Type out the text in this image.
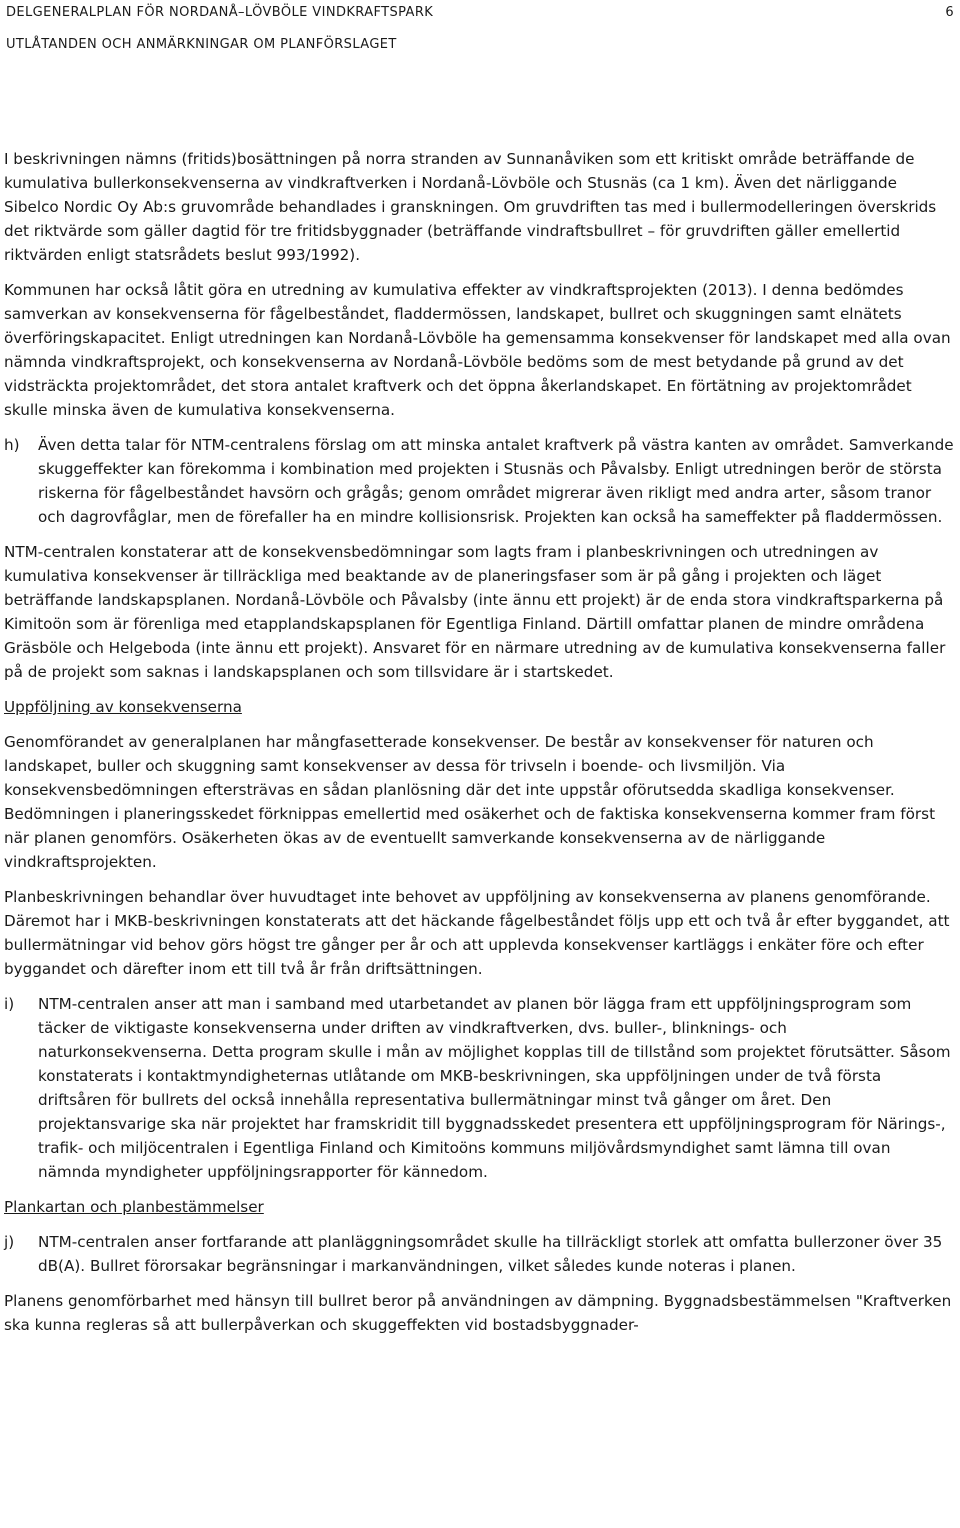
DELGENERALPLAN FÖR NORDANÅ–LÖVBÖLE VINDKRAFTSPARK	6
UTLÅTANDEN OCH ANMÄRKNINGAR OM PLANFÖRSLAGET

I beskrivningen nämns (fritids)bosättningen på norra stranden av Sunnanåviken som ett kritiskt område beträffande de kumulativa bullerkonsekvenserna av vindkraftverken i Nordanå-Lövböle och Stusnäs (ca 1 km). Även det närliggande Sibelco Nordic Oy Ab:s gruvområde behandlades i granskningen. Om gruvdriften tas med i bullermodelleringen överskrids det riktvärde som gäller dagtid för tre fritidsbyggnader (beträffande vindraftsbullret – för gruvdriften gäller emellertid riktvärden enligt statsrådets beslut 993/1992).

Kommunen har också låtit göra en utredning av kumulativa effekter av vindkraftsprojekten (2013). I denna bedömdes samverkan av konsekvenserna för fågelbeståndet, fladdermössen, landskapet, bullret och skuggningen samt elnätets överföringskapacitet. Enligt utredningen kan Nordanå-Lövböle ha gemensamma konsekvenser för landskapet med alla ovan nämnda vindkraftsprojekt, och konsekvenserna av Nordanå-Lövböle bedöms som de mest betydande på grund av det vidsträckta projektområdet, det stora antalet kraftverk och det öppna åkerlandskapet. En förtätning av projektområdet skulle minska även de kumulativa konsekvenserna.

h)	Även detta talar för NTM-centralens förslag om att minska antalet kraftverk på västra kanten av området. Samverkande skuggeffekter kan förekomma i kombination med projekten i Stusnäs och Påvalsby. Enligt utredningen berör de största riskerna för fågelbeståndet havsörn och grågås; genom området migrerar även rikligt med andra arter, såsom tranor och dagrovfåglar, men de förefaller ha en mindre kollisionsrisk. Projekten kan också ha sameffekter på fladdermössen.

NTM-centralen konstaterar att de konsekvensbedömningar som lagts fram i planbeskrivningen och utredningen av kumulativa konsekvenser är tillräckliga med beaktande av de planeringsfaser som är på gång i projekten och läget beträffande landskapsplanen. Nordanå-Lövböle och Påvalsby (inte ännu ett projekt) är de enda stora vindkraftsparkerna på Kimitoön som är förenliga med etapplandskapsplanen för Egentliga Finland. Därtill omfattar planen de mindre områdena Gräsböle och Helgeboda (inte ännu ett projekt). Ansvaret för en närmare utredning av de kumulativa konsekvenserna faller på de projekt som saknas i landskapsplanen och som tillsvidare är i startskedet.

Uppföljning av konsekvenserna

Genomförandet av generalplanen har mångfasetterade konsekvenser. De består av konsekvenser för naturen och landskapet, buller och skuggning samt konsekvenser av dessa för trivseln i boende- och livsmiljön. Via konsekvensbedömningen eftersträvas en sådan planlösning där det inte uppstår oförutsedda skadliga konsekvenser. Bedömningen i planeringsskedet förknippas emellertid med osäkerhet och de faktiska konsekvenserna kommer fram först när planen genomförs. Osäkerheten ökas av de eventuellt samverkande konsekvenserna av de närliggande vindkraftsprojekten.

Planbeskrivningen behandlar över huvudtaget inte behovet av uppföljning av konsekvenserna av planens genomförande. Däremot har i MKB-beskrivningen konstaterats att det häckande fågelbeståndet följs upp ett och två år efter byggandet, att bullermätningar vid behov görs högst tre gånger per år och att upplevda konsekvenser kartläggs i enkäter före och efter byggandet och därefter inom ett till två år från driftsättningen.

i)	NTM-centralen anser att man i samband med utarbetandet av planen bör lägga fram ett uppföljningsprogram som täcker de viktigaste konsekvenserna under driften av vindkraftverken, dvs. buller-, blinknings- och naturkonsekvenserna. Detta program skulle i mån av möjlighet kopplas till de tillstånd som projektet förutsätter. Såsom konstaterats i kontaktmyndigheternas utlåtande om MKB-beskrivningen, ska uppföljningen under de två första driftsåren för bullrets del också innehålla representativa bullermätningar minst två gånger om året. Den projektansvarige ska när projektet har framskridit till byggnadsskedet presentera ett uppföljningsprogram för Närings-, trafik- och miljöcentralen i Egentliga Finland och Kimitoöns kommuns miljövårdsmyndighet samt lämna till ovan nämnda myndigheter uppföljningsrapporter för kännedom.
Plankartan och planbestämmelser
j)	NTM-centralen anser fortfarande att planläggningsområdet skulle ha tillräckligt storlek att omfatta bullerzoner över 35 dB(A). Bullret förorsakar begränsningar i markanvändningen, vilket således kunde noteras i planen.

Planens genomförbarhet med hänsyn till bullret beror på användningen av dämpning. Byggnadsbestämmelsen "Kraftverken ska kunna regleras så att bullerpåverkan och skuggeffekten vid bostadsbyggnader-
